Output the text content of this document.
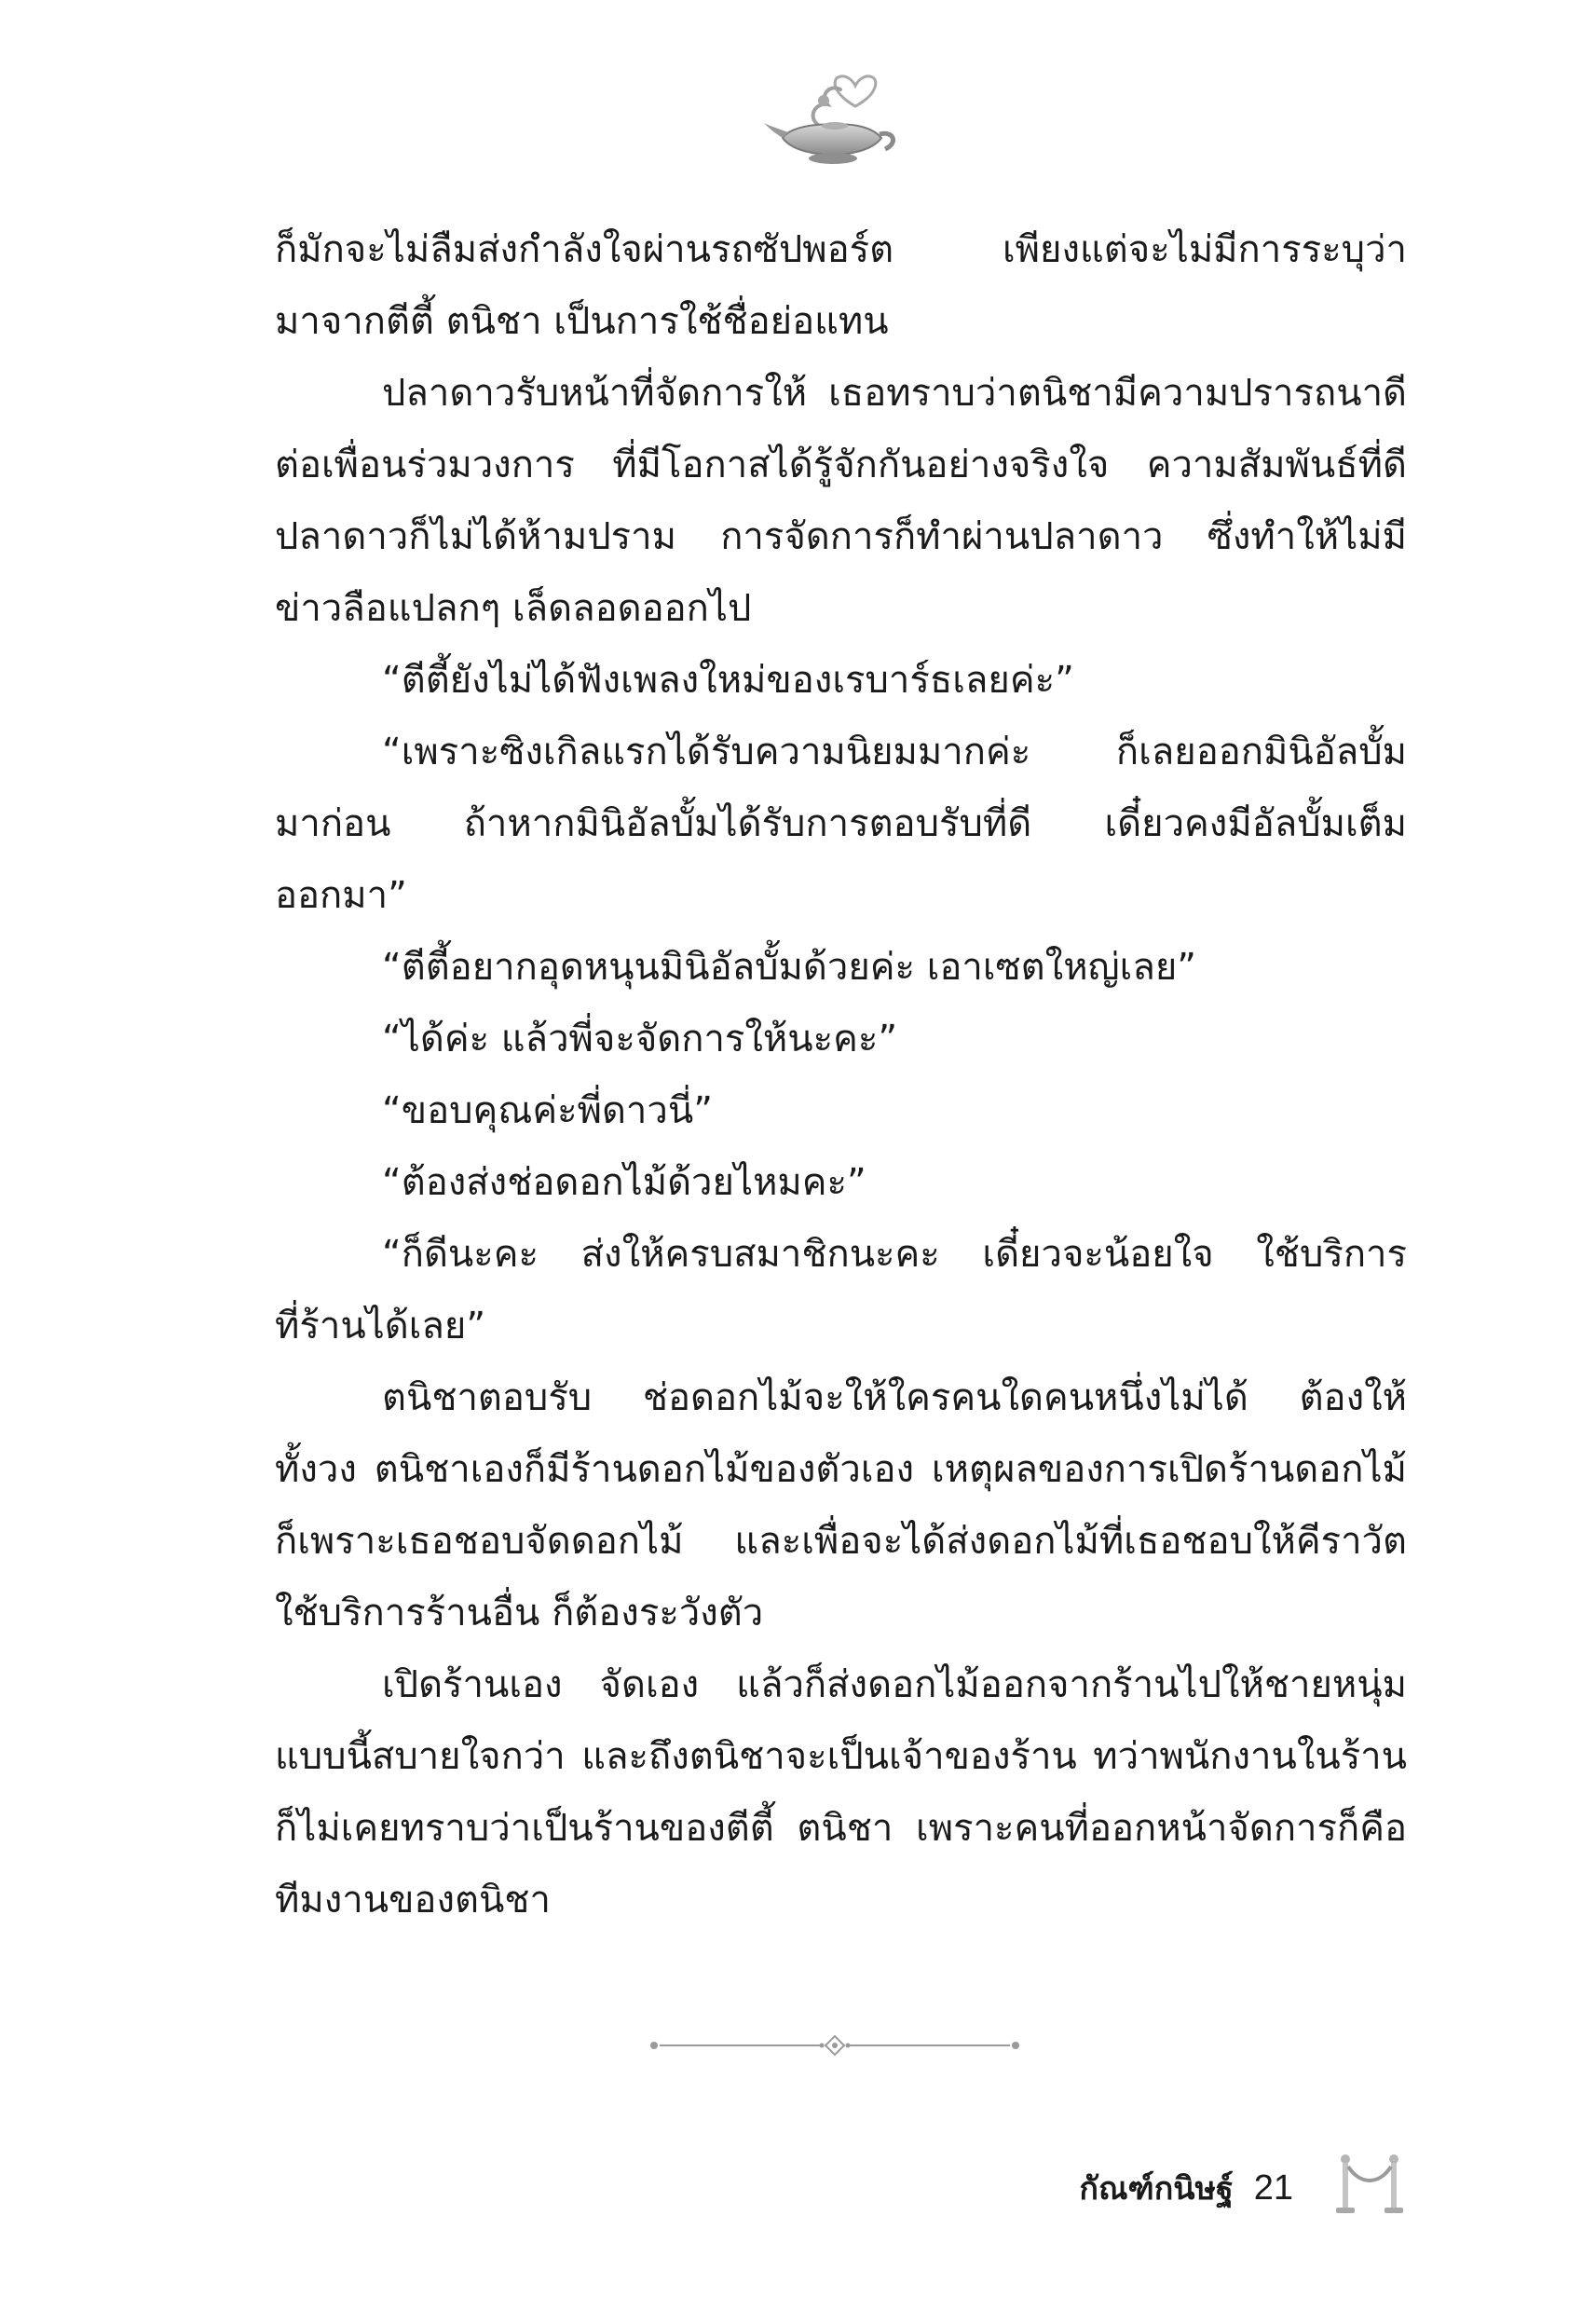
ก็มักจะไม่ลืมส่งกำลังใจผ่านรถซัปพอร์ต เพียงแต่จะไม่มีการระบุว่า

มาจากตีตี้ ตนิชา เป็นการใช้ชื่อย่อแทน

ปลาดาวรับหน้าที่จัดการให้ เธอทราบว่าตนิชามีความปรารถนาดี

ต่อเพื่อนร่วมวงการ ที่มีโอกาสได้รู้จักกันอย่างจริงใจ ความสัมพันธ์ที่ดี

ปลาดาวก็ไม่ได้ห้ามปราม การจัดการก็ทำผ่านปลาดาว ซึ่งทำให้ไม่มี

ข่าวลือแปลกๆ เล็ดลอดออกไป

“ตีตี้ยังไม่ได้ฟังเพลงใหม่ของเรบาร์ธเลยค่ะ”

“เพราะซิงเกิลแรกได้รับความนิยมมากค่ะ ก็เลยออกมินิอัลบั้ม

มาก่อน ถ้าหากมินิอัลบั้มได้รับการตอบรับที่ดี เดี๋ยวคงมีอัลบั้มเต็ม

ออกมา”

“ตีตี้อยากอุดหนุนมินิอัลบั้มด้วยค่ะ เอาเซตใหญ่เลย”

“ได้ค่ะ แล้วพี่จะจัดการให้นะคะ”

“ขอบคุณค่ะพี่ดาวนี่”

“ต้องส่งช่อดอกไม้ด้วยไหมคะ”

“ก็ดีนะคะ ส่งให้ครบสมาชิกนะคะ เดี๋ยวจะน้อยใจ ใช้บริการ

ที่ร้านได้เลย”

ตนิชาตอบรับ ช่อดอกไม้จะให้ใครคนใดคนหนึ่งไม่ได้ ต้องให้

ทั้งวง ตนิชาเองก็มีร้านดอกไม้ของตัวเอง เหตุผลของการเปิดร้านดอกไม้

ก็เพราะเธอชอบจัดดอกไม้ และเพื่อจะได้ส่งดอกไม้ที่เธอชอบให้คีราวัต

ใช้บริการร้านอื่น ก็ต้องระวังตัว

เปิดร้านเอง จัดเอง แล้วก็ส่งดอกไม้ออกจากร้านไปให้ชายหนุ่ม

แบบนี้สบายใจกว่า และถึงตนิชาจะเป็นเจ้าของร้าน ทว่าพนักงานในร้าน

ก็ไม่เคยทราบว่าเป็นร้านของตีตี้ ตนิชา เพราะคนที่ออกหน้าจัดการก็คือ

ทีมงานของตนิชา

กัณฑ์กนิษฐ์ 21
